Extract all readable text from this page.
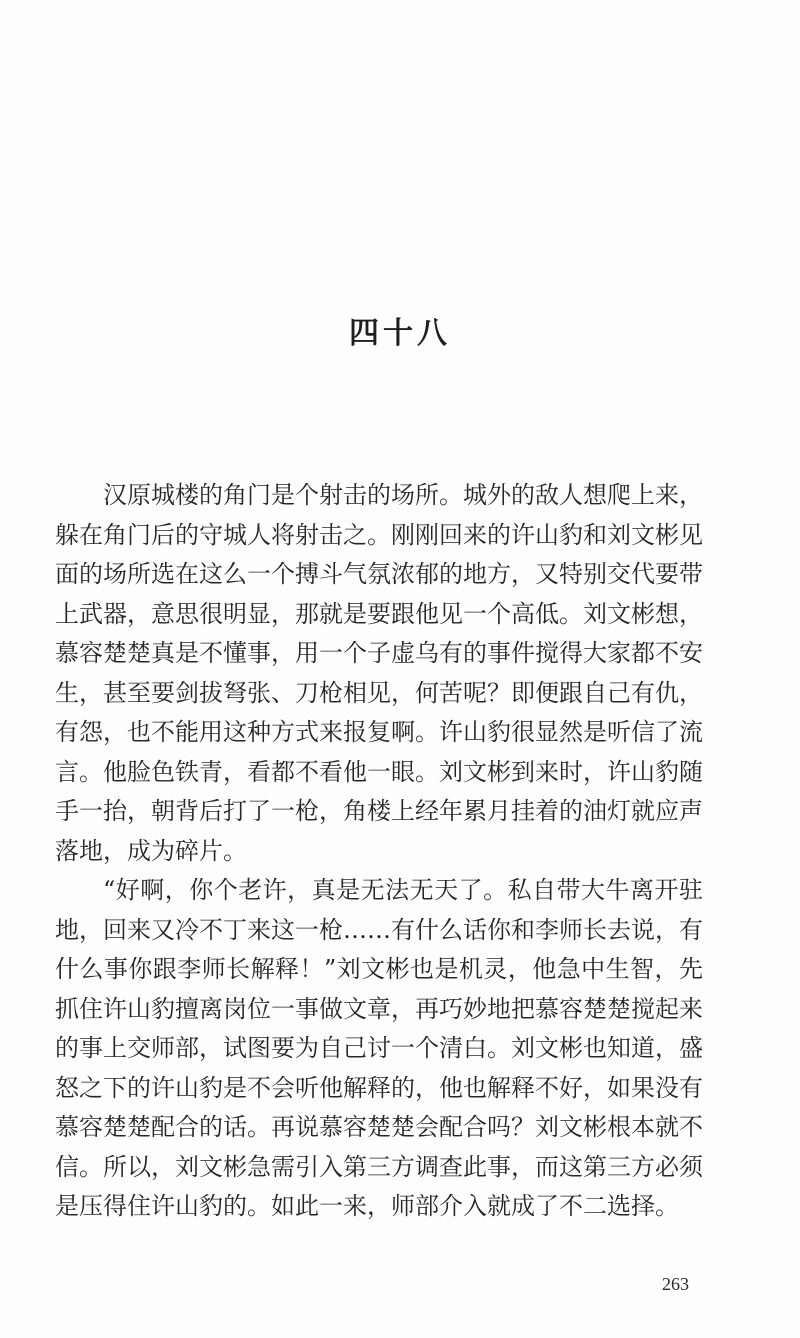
四十八

汉原城楼的角门是个射击的场所。城外的敌人想爬上来，躲在角门后的守城人将射击之。刚刚回来的许山豹和刘文彬见面的场所选在这么一个搏斗气氛浓郁的地方，又特别交代要带上武器，意思很明显，那就是要跟他见一个高低。刘文彬想，慕容楚楚真是不懂事，用一个子虚乌有的事件搅得大家都不安生，甚至要剑拔弩张、刀枪相见，何苦呢？即便跟自己有仇，有怨，也不能用这种方式来报复啊。许山豹很显然是听信了流言。他脸色铁青，看都不看他一眼。刘文彬到来时，许山豹随手一抬，朝背后打了一枪，角楼上经年累月挂着的油灯就应声落地，成为碎片。

“好啊，你个老许，真是无法无天了。私自带大牛离开驻地，回来又冷不丁来这一枪……有什么话你和李师长去说，有什么事你跟李师长解释！”刘文彬也是机灵，他急中生智，先抓住许山豹擅离岗位一事做文章，再巧妙地把慕容楚楚搅起来的事上交师部，试图要为自己讨一个清白。刘文彬也知道，盛怒之下的许山豹是不会听他解释的，他也解释不好，如果没有慕容楚楚配合的话。再说慕容楚楚会配合吗？刘文彬根本就不信。所以，刘文彬急需引入第三方调查此事，而这第三方必须是压得住许山豹的。如此一来，师部介入就成了不二选择。

263
